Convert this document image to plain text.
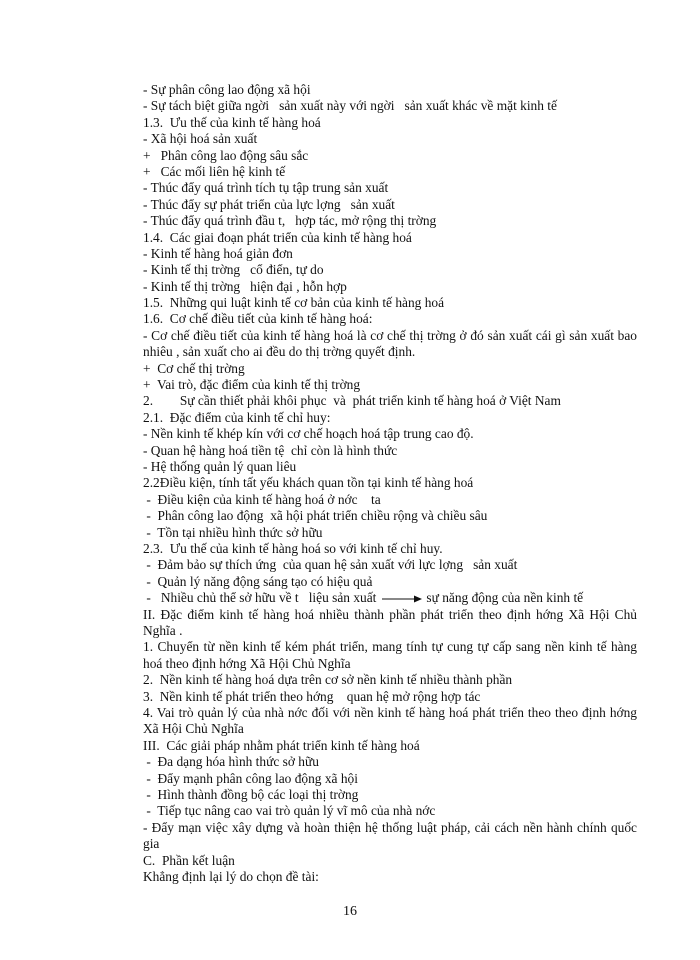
- Sự phân công lao động xã hội
- Sự tách biệt giữa ngời   sản xuất này với ngời   sản xuất khác về mặt kinh tế
1.3.  Ưu thế của kinh tế hàng hoá
- Xã hội hoá sản xuất
+   Phân công lao động sâu sắc
+   Các mối liên hệ kinh tế
- Thúc đẩy quá trình tích tụ tập trung sản xuất
- Thúc đẩy sự phát triển của lực lợng   sản xuất
- Thúc đẩy quá trình đầu t,   hợp tác, mở rộng thị trờng
1.4.  Các giai đoạn phát triển của kinh tế hàng hoá
- Kinh tế hàng hoá giản đơn
- Kinh tế thị trờng   cổ điển, tự do
- Kinh tế thị trờng   hiện đại , hỗn hợp
1.5.  Những qui luật kinh tế cơ bản của kinh tế hàng hoá
1.6.  Cơ chế điều tiết của kinh tế hàng hoá:
- Cơ chế điều tiết của kinh tế hàng hoá là cơ chế thị trờng ở đó sản xuất cái gì sản xuất bao nhiêu , sản xuất cho ai đều do thị trờng quyết định.
+  Cơ chế thị trờng
+  Vai trò, đặc điểm của kinh tế thị trờng
2.        Sự cần thiết phải khôi phục  và  phát triển kinh tế hàng hoá ở Việt Nam
2.1.  Đặc điểm của kinh tế chỉ huy:
- Nền kinh tế khép kín với cơ chế hoạch hoá tập trung cao độ.
- Quan hệ hàng hoá tiền tệ  chỉ còn là hình thức
- Hệ thống quản lý quan liêu
2.2Điều kiện, tính tất yếu khách quan tồn tại kinh tế hàng hoá
-  Điều kiện của kinh tế hàng hoá ở nớc    ta
-  Phân công lao động  xã hội phát triển chiều rộng và chiều sâu
-  Tồn tại nhiều hình thức sở hữu
2.3.  Ưu thế của kinh tế hàng hoá so với kinh tế chỉ huy.
-  Đảm bảo sự thích ứng  của quan hệ sản xuất với lực lợng   sản xuất
-  Quản lý năng động sáng tạo có hiệu quả
-   Nhiều chủ thể sở hữu về t   liệu sản xuất	sự năng động của nền kinh tế
II. Đặc điểm kinh tế hàng hoá nhiều thành phần phát triển theo định hớng Xã Hội Chủ Nghĩa .
1. Chuyển từ nền kinh tế kém phát triển, mang tính tự cung tự cấp sang nền kinh tế hàng hoá theo định hớng Xã Hội Chủ Nghĩa
2.  Nền kinh tế hàng hoá dựa trên cơ sở nền kinh tế nhiều thành phần
3.  Nền kinh tế phát triển theo hớng    quan hệ mở rộng hợp tác
4. Vai trò quản lý của nhà nớc đối với nền kinh tế hàng hoá phát triển theo theo định hớng Xã Hội Chủ Nghĩa
III.  Các giải pháp nhằm phát triển kinh tế hàng hoá
-  Đa dạng hóa hình thức sở hữu
-  Đẩy mạnh phân công lao động xã hội
-  Hình thành đồng bộ các loại thị trờng
-  Tiếp tục nâng cao vai trò quản lý vĩ mô của nhà nớc
- Đẩy mạn việc xây dựng và hoàn thiện hệ thống luật pháp, cải cách nền hành chính quốc gia
C.  Phần kết luận
Khẳng định lại lý do chọn đề tài:
16
